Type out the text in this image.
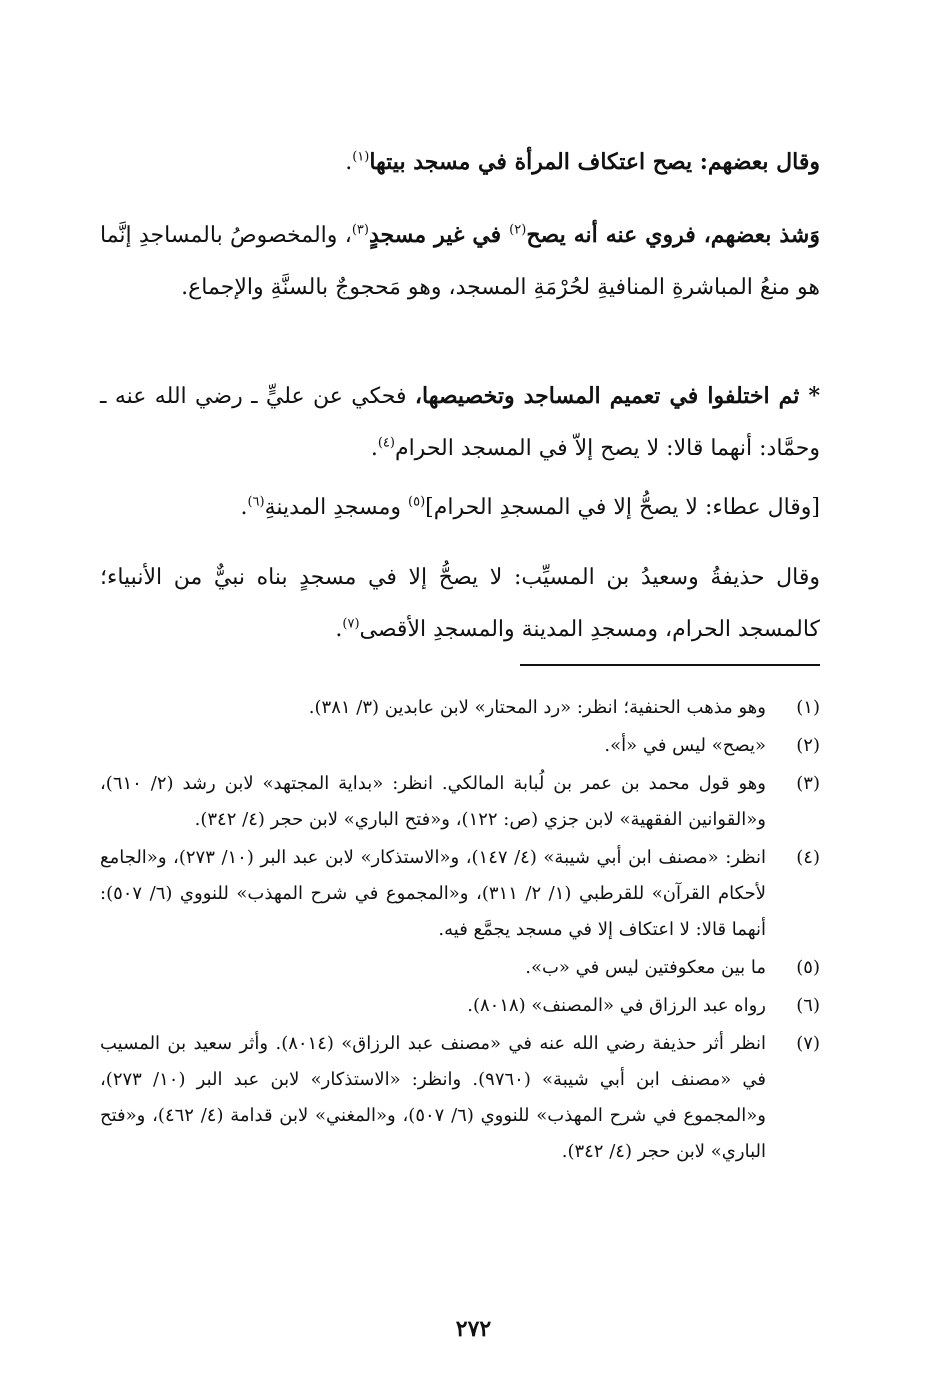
وقال بعضهم: يصح اعتكاف المرأة في مسجد بيتها$^{(١)}$.

وَشذ بعضهم، فروي عنه أنه يصح$^{(٢)}$ في غير مسجدٍ$^{(٣)}$، والمخصوصُ بالمساجدِ إنَّما هو منعُ المباشرةِ المنافيةِ لحُرْمَةِ المسجد، وهو مَحجوجٌ بالسنَّةِ والإجماع.

* ثم اختلفوا في تعميم المساجد وتخصيصها، فحكي عن عليٍّ ـ رضي الله عنه ـ وحمَّاد: أنهما قالا: لا يصح إلاّ في المسجد الحرام$^{(٤)}$.

[وقال عطاء: لا يصحُّ إلا في المسجدِ الحرام]$^{(٥)}$ ومسجدِ المدينةِ$^{(٦)}$.

وقال حذيفةُ وسعيدُ بن المسيِّب: لا يصحُّ إلا في مسجدٍ بناه نبيٌّ من الأنبياء؛ كالمسجد الحرام، ومسجدِ المدينة والمسجدِ الأقصى$^{(٧)}$.

(١)
وهو مذهب الحنفية؛ انظر: «رد المحتار» لابن عابدين (٣/ ٣٨١).
(٢)
«يصح» ليس في «أ».
(٣)
وهو قول محمد بن عمر بن لُبابة المالكي. انظر: «بداية المجتهد» لابن رشد (٢/ ٦١٠)، و«القوانين الفقهية» لابن جزي (ص: ١٢٢)، و«فتح الباري» لابن حجر (٤/ ٣٤٢).
(٤)
انظر: «مصنف ابن أبي شيبة» (٤/ ١٤٧)، و«الاستذكار» لابن عبد البر (١٠/ ٢٧٣)، و«الجامع لأحكام القرآن» للقرطبي (١/ ٢/ ٣١١)، و«المجموع في شرح المهذب» للنووي (٦/ ٥٠٧): أنهما قالا: لا اعتكاف إلا في مسجد يجمَّع فيه.
(٥)
ما بين معكوفتين ليس في «ب».
(٦)
رواه عبد الرزاق في «المصنف» (٨٠١٨).
(٧)
انظر أثر حذيفة رضي الله عنه في «مصنف عبد الرزاق» (٨٠١٤). وأثر سعيد بن المسيب في «مصنف ابن أبي شيبة» (٩٧٦٠). وانظر: «الاستذكار» لابن عبد البر (١٠/ ٢٧٣)، و«المجموع في شرح المهذب» للنووي (٦/ ٥٠٧)، و«المغني» لابن قدامة (٤/ ٤٦٢)، و«فتح الباري» لابن حجر (٤/ ٣٤٢).
٢٧٢
